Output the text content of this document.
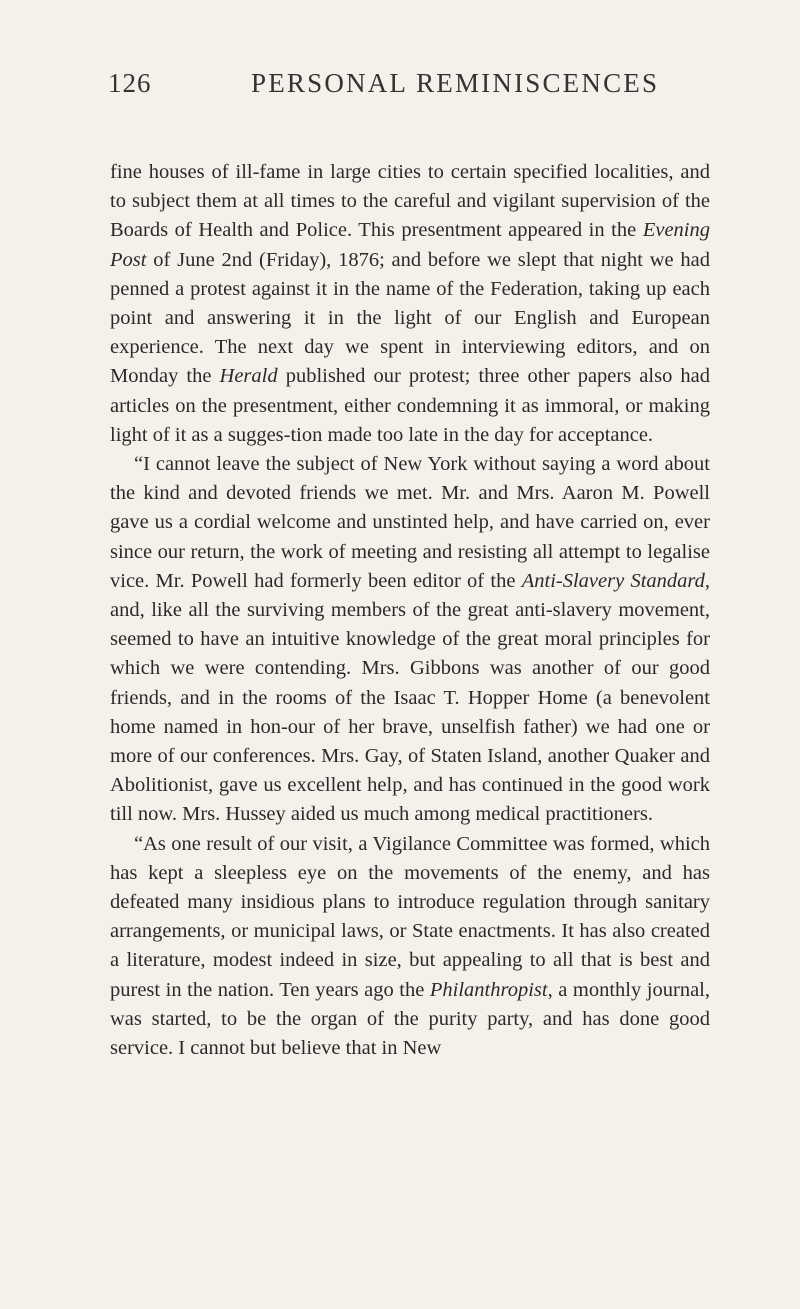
126	PERSONAL REMINISCENCES

fine houses of ill-fame in large cities to certain specified localities, and to subject them at all times to the careful and vigilant supervision of the Boards of Health and Police. This presentment appeared in the Evening Post of June 2nd (Friday), 1876; and before we slept that night we had penned a protest against it in the name of the Federation, taking up each point and answering it in the light of our English and European experience. The next day we spent in interviewing editors, and on Monday the Herald published our protest; three other papers also had articles on the presentment, either condemning it as immoral, or making light of it as a sugges-tion made too late in the day for acceptance.

“I cannot leave the subject of New York without saying a word about the kind and devoted friends we met. Mr. and Mrs. Aaron M. Powell gave us a cordial welcome and unstinted help, and have carried on, ever since our return, the work of meeting and resisting all attempt to legalise vice. Mr. Powell had formerly been editor of the Anti-Slavery Standard, and, like all the surviving members of the great anti-slavery movement, seemed to have an intuitive knowledge of the great moral principles for which we were contending. Mrs. Gibbons was another of our good friends, and in the rooms of the Isaac T. Hopper Home (a benevolent home named in hon-our of her brave, unselfish father) we had one or more of our conferences. Mrs. Gay, of Staten Island, another Quaker and Abolitionist, gave us excellent help, and has continued in the good work till now. Mrs. Hussey aided us much among medical practitioners.

“As one result of our visit, a Vigilance Committee was formed, which has kept a sleepless eye on the movements of the enemy, and has defeated many insidious plans to introduce regulation through sanitary arrangements, or municipal laws, or State enactments. It has also created a literature, modest indeed in size, but appealing to all that is best and purest in the nation. Ten years ago the Philanthropist, a monthly journal, was started, to be the organ of the purity party, and has done good service. I cannot but believe that in New
